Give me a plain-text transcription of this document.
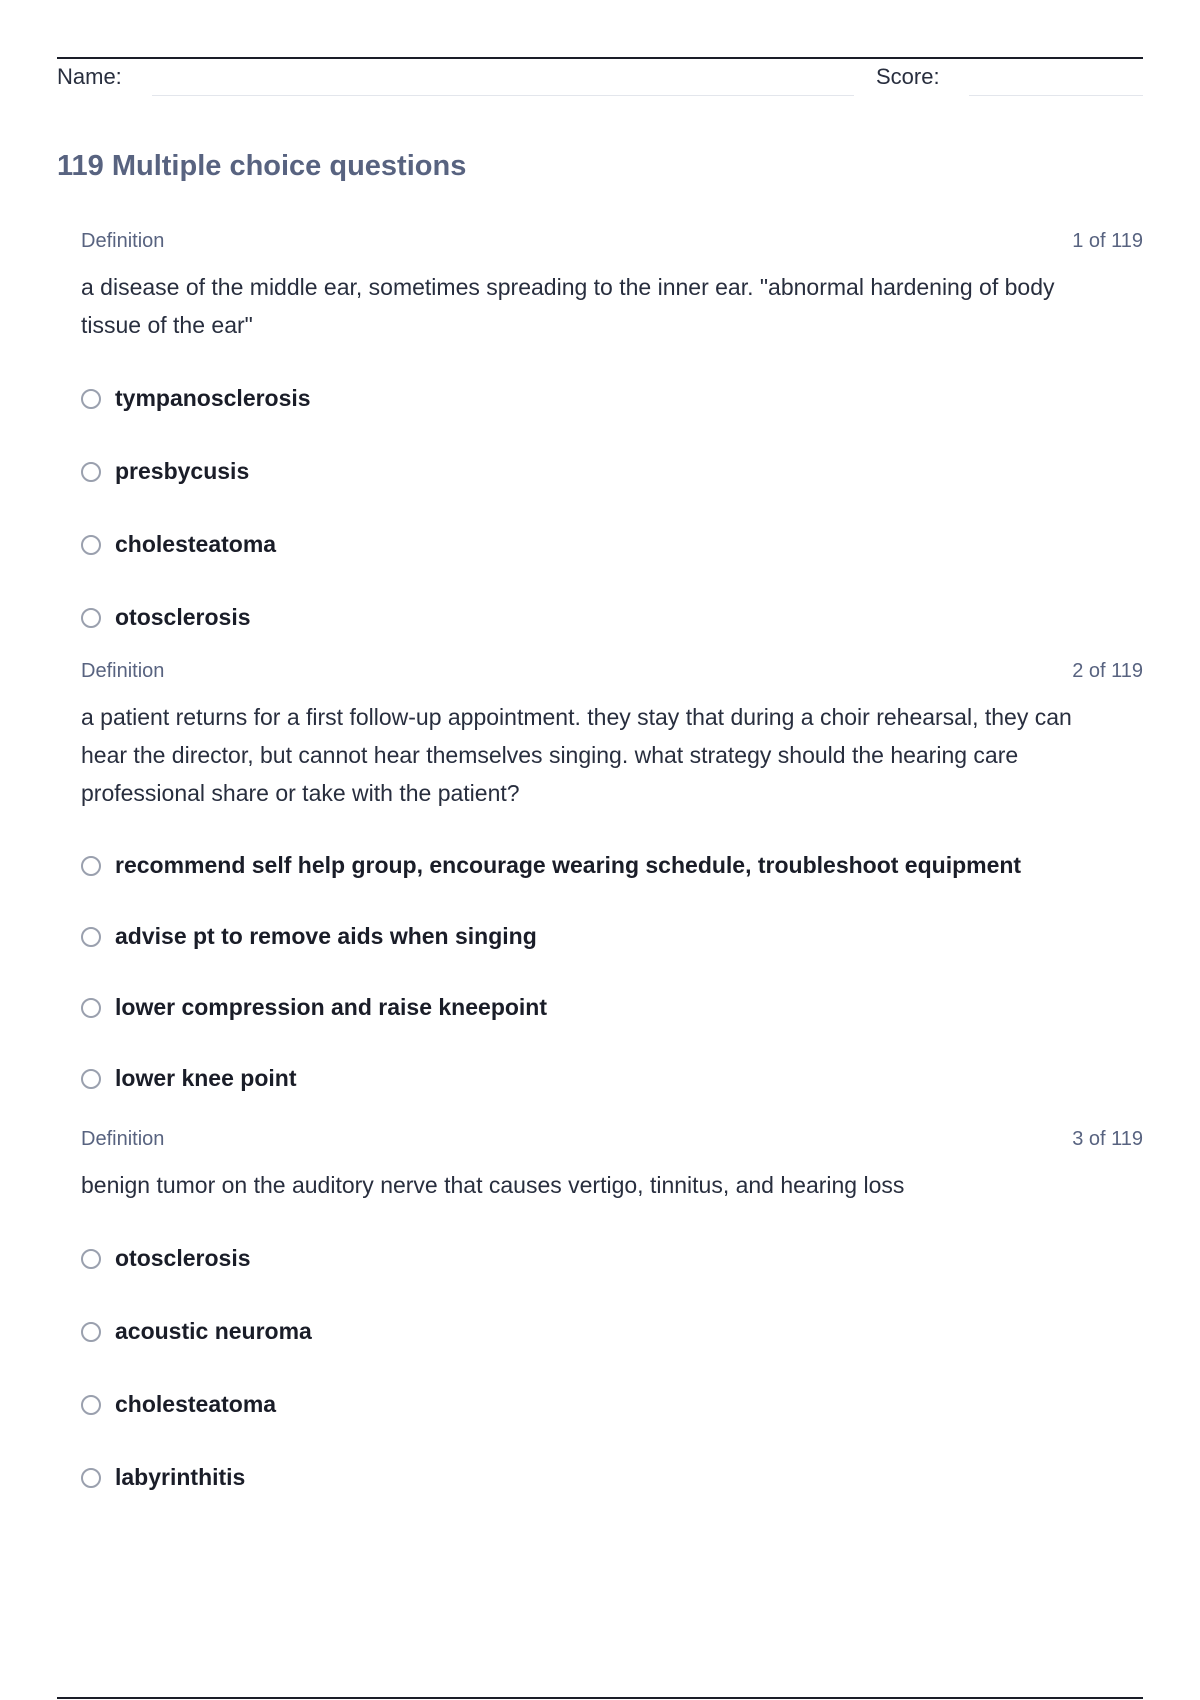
Name:	Score:
119 Multiple choice questions
Definition	1 of 119

a disease of the middle ear, sometimes spreading to the inner ear. "abnormal hardening of body tissue of the ear"

tympanosclerosis
presbycusis
cholesteatoma
otosclerosis
Definition	2 of 119

a patient returns for a first follow-up appointment. they stay that during a choir rehearsal, they can hear the director, but cannot hear themselves singing. what strategy should the hearing care professional share or take with the patient?

recommend self help group, encourage wearing schedule, troubleshoot equipment
advise pt to remove aids when singing
lower compression and raise kneepoint
lower knee point
Definition	3 of 119

benign tumor on the auditory nerve that causes vertigo, tinnitus, and hearing loss

otosclerosis
acoustic neuroma
cholesteatoma
labyrinthitis
